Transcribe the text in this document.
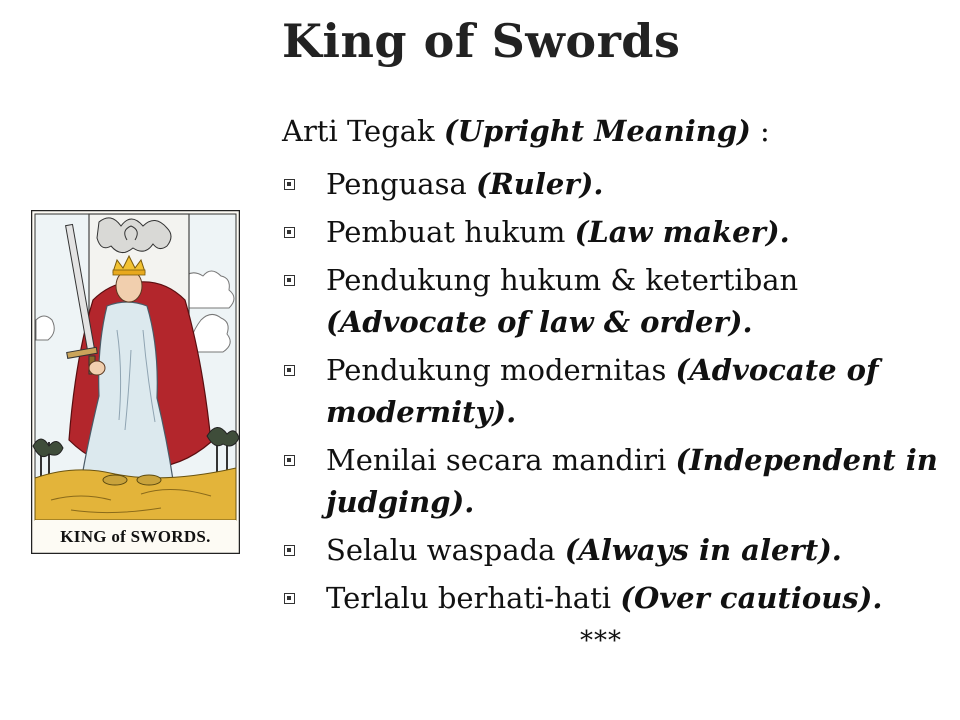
King of Swords
Arti Tegak (Upright Meaning) :
Penguasa (Ruler).
Pembuat hukum (Law maker).
Pendukung hukum & ketertiban (Advocate of law & order).
Pendukung modernitas (Advocate of modernity).
Menilai secara mandiri (Independent in judging).
Selalu waspada (Always in alert).
Terlalu berhati-hati (Over cautious).
***
KING of SWORDS.
